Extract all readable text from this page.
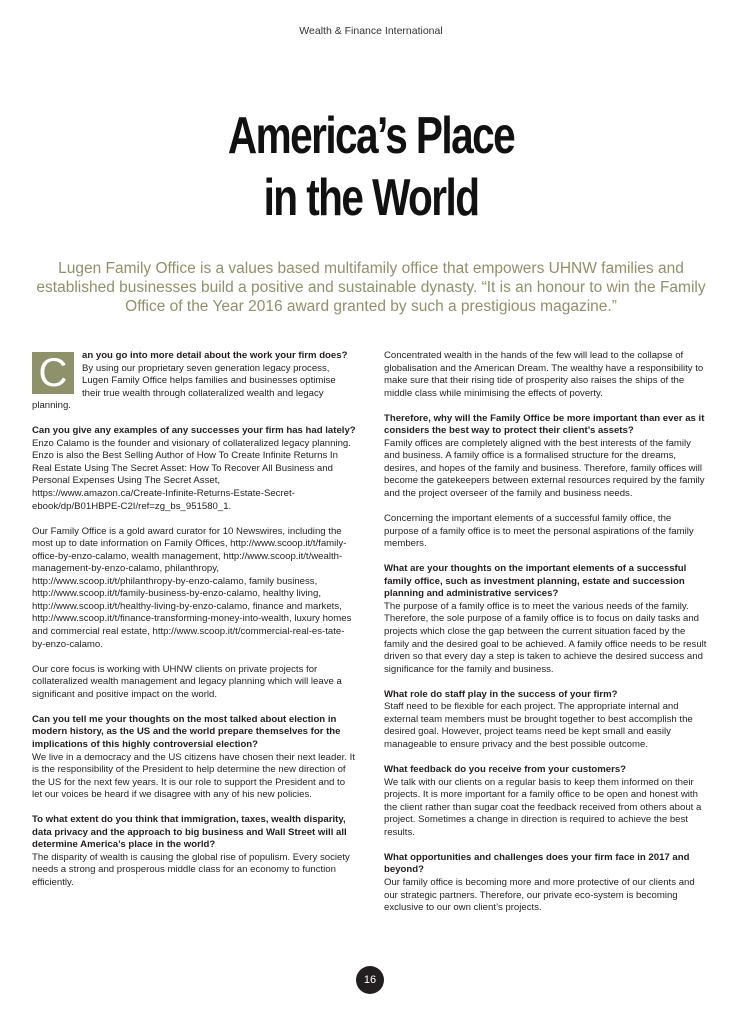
Wealth & Finance International
America’s Place
in the World

Lugen Family Office is a values based multifamily office that empowers UHNW families and established businesses build a positive and sustainable dynasty. “It is an honour to win the Family Office of the Year 2016 award granted by such a prestigious magazine.”

C	an you go into more detail about the work your firm does?
By using our proprietary seven generation legacy process, Lugen Family Office helps families and businesses optimise their true wealth through collateralized wealth and legacy planning.

Can you give any examples of any successes your firm has had lately?
Enzo Calamo is the founder and visionary of collateralized legacy planning. Enzo is also the Best Selling Author of How To Create Infinite Returns In Real Estate Using The Secret Asset: How To Recover All Business and Personal Expenses Using The Secret Asset, https://www.amazon.ca/Create-Infinite-Returns-Estate-Secret-ebook/dp/B01HBPE-C2I/ref=zg_bs_951580_1.

Our Family Office is a gold award curator for 10 Newswires, including the most up to date information on Family Offices, http://www.scoop.it/t/family-office-by-enzo-calamo, wealth management, http://www.scoop.it/t/wealth-management-by-enzo-calamo, philanthropy, http://www.scoop.it/t/philanthropy-by-enzo-calamo, family business, http://www.scoop.it/t/family-business-by-enzo-calamo, healthy living, http://www.scoop.it/t/healthy-living-by-enzo-calamo, finance and markets, http://www.scoop.it/t/finance-transforming-money-into-wealth, luxury homes and commercial real estate, http://www.scoop.it/t/commercial-real-es-tate-by-enzo-calamo.

Our core focus is working with UHNW clients on private projects for collateralized wealth management and legacy planning which will leave a significant and positive impact on the world.

Can you tell me your thoughts on the most talked about election in modern history, as the US and the world prepare themselves for the implications of this highly controversial election?
We live in a democracy and the US citizens have chosen their next leader. It is the responsibility of the President to help determine the new direction of the US for the next few years. It is our role to support the President and to let our voices be heard if we disagree with any of his new policies.

To what extent do you think that immigration, taxes, wealth disparity, data privacy and the approach to big business and Wall Street will all determine America’s place in the world?
The disparity of wealth is causing the global rise of populism. Every society needs a strong and prosperous middle class for an economy to function efficiently.

Concentrated wealth in the hands of the few will lead to the collapse of globalisation and the American Dream. The wealthy have a responsibility to make sure that their rising tide of prosperity also raises the ships of the middle class while minimising the effects of poverty.

Therefore, why will the Family Office be more important than ever as it considers the best way to protect their client’s assets?
Family offices are completely aligned with the best interests of the family and business. A family office is a formalised structure for the dreams, desires, and hopes of the family and business. Therefore, family offices will become the gatekeepers between external resources required by the family and the project overseer of the family and business needs.

Concerning the important elements of a successful family office, the purpose of a family office is to meet the personal aspirations of the family members.

What are your thoughts on the important elements of a successful family office, such as investment planning, estate and succession planning and administrative services?
The purpose of a family office is to meet the various needs of the family. Therefore, the sole purpose of a family office is to focus on daily tasks and projects which close the gap between the current situation faced by the family and the desired goal to be achieved. A family office needs to be result driven so that every day a step is taken to achieve the desired success and significance for the family and business.

What role do staff play in the success of your firm?
Staff need to be flexible for each project. The appropriate internal and external team members must be brought together to best accomplish the desired goal. However, project teams need be kept small and easily manageable to ensure privacy and the best possible outcome.

What feedback do you receive from your customers?
We talk with our clients on a regular basis to keep them informed on their projects. It is more important for a family office to be open and honest with the client rather than sugar coat the feedback received from others about a project. Sometimes a change in direction is required to achieve the best results.

What opportunities and challenges does your firm face in 2017 and beyond?
Our family office is becoming more and more protective of our clients and our strategic partners. Therefore, our private eco-system is becoming exclusive to our own client’s projects.

16
